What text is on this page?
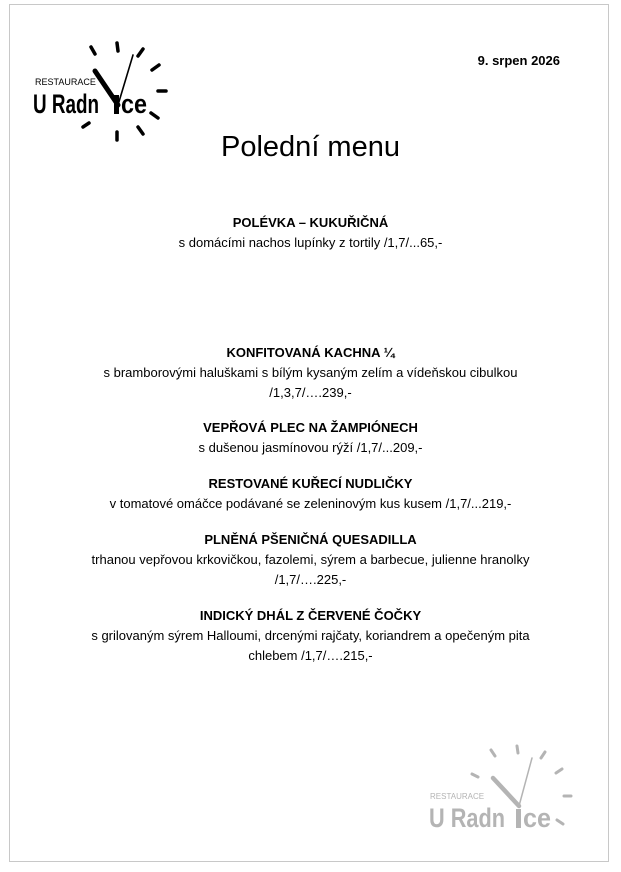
RESTAURACE
U Radn ce
9. srpen 2026
Polední menu
POLÉVKA – KUKUŘIČNÁ
s domácími nachos lupínky z tortily /1,7/...65,-
KONFITOVANÁ KACHNA ¼
s bramborovými haluškami s bílým kysaným zelím a vídeňskou cibulkou
/1,3,7/….239,-
VEPŘOVÁ PLEC NA ŽAMPIÓNECH
s dušenou jasmínovou rýží /1,7/...209,-
RESTOVANÉ KUŘECÍ NUDLIČKY
v tomatové omáčce podávané se zeleninovým kus kusem /1,7/...219,-
PLNĚNÁ PŠENIČNÁ QUESADILLA
trhanou vepřovou krkovičkou, fazolemi, sýrem a barbecue, julienne hranolky
/1,7/….225,-
INDICKÝ DHÁL Z ČERVENÉ ČOČKY
s grilovaným sýrem Halloumi, drcenými rajčaty, koriandrem a opečeným pita
chlebem /1,7/….215,-
RESTAURACE
U Radn ce
